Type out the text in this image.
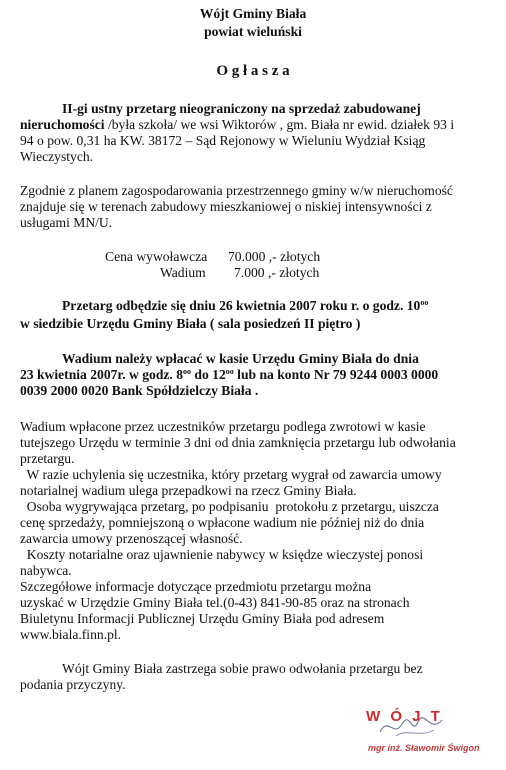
Wójt Gminy Biała
powiat wieluński
O g ł a s z a
II-gi ustny przetarg nieograniczony na sprzedaż zabudowanej
nieruchomości /była szkoła/ we wsi Wiktorów , gm. Biała nr ewid. działek 93 i
94 o pow. 0,31 ha KW. 38172 – Sąd Rejonowy w Wieluniu Wydział Ksiąg
Wieczystych.
Zgodnie z planem zagospodarowania przestrzennego gminy w/w nieruchomość
znajduje się w terenach zabudowy mieszkaniowej o niskiej intensywności z
usługami MN/U.
Cena wywoławcza 70.000 ,- złotych
Wadium 7.000 ,- złotych
Przetarg odbędzie się dniu 26 kwietnia 2007 roku r. o godz. $10^{oo}$
w siedzibie Urzędu Gminy Biała ( sala posiedzeń II piętro )
Wadium należy wpłacać w kasie Urzędu Gminy Biała do dnia
23 kwietnia 2007r. w godz. $8^{oo}$ do $12^{oo}$ lub na konto Nr 79 9244 0003 0000
0039 2000 0020 Bank Spółdzielczy Biała .
Wadium wpłacone przez uczestników przetargu podlega zwrotowi w kasie
tutejszego Urzędu w terminie 3 dni od dnia zamknięcia przetargu lub odwołania
przetargu.
W razie uchylenia się uczestnika, który przetarg wygrał od zawarcia umowy
notarialnej wadium ulega przepadkowi na rzecz Gminy Biała.
Osoba wygrywająca przetarg, po podpisaniu  protokołu z przetargu, uiszcza
cenę sprzedaży, pomniejszoną o wpłacone wadium nie później niż do dnia
zawarcia umowy przenoszącej własność.
Koszty notarialne oraz ujawnienie nabywcy w księdze wieczystej ponosi
nabywca.
Szczegółowe informacje dotyczące przedmiotu przetargu można
uzyskać w Urzędzie Gminy Biała tel.(0-43) 841-90-85 oraz na stronach
Biuletynu Informacji Publicznej Urzędu Gminy Biała pod adresem
www.biala.finn.pl.
Wójt Gminy Biała zastrzega sobie prawo odwołania przetargu bez
podania przyczyny.
W Ó J T
mgr inż. Sławomir Świgoń
